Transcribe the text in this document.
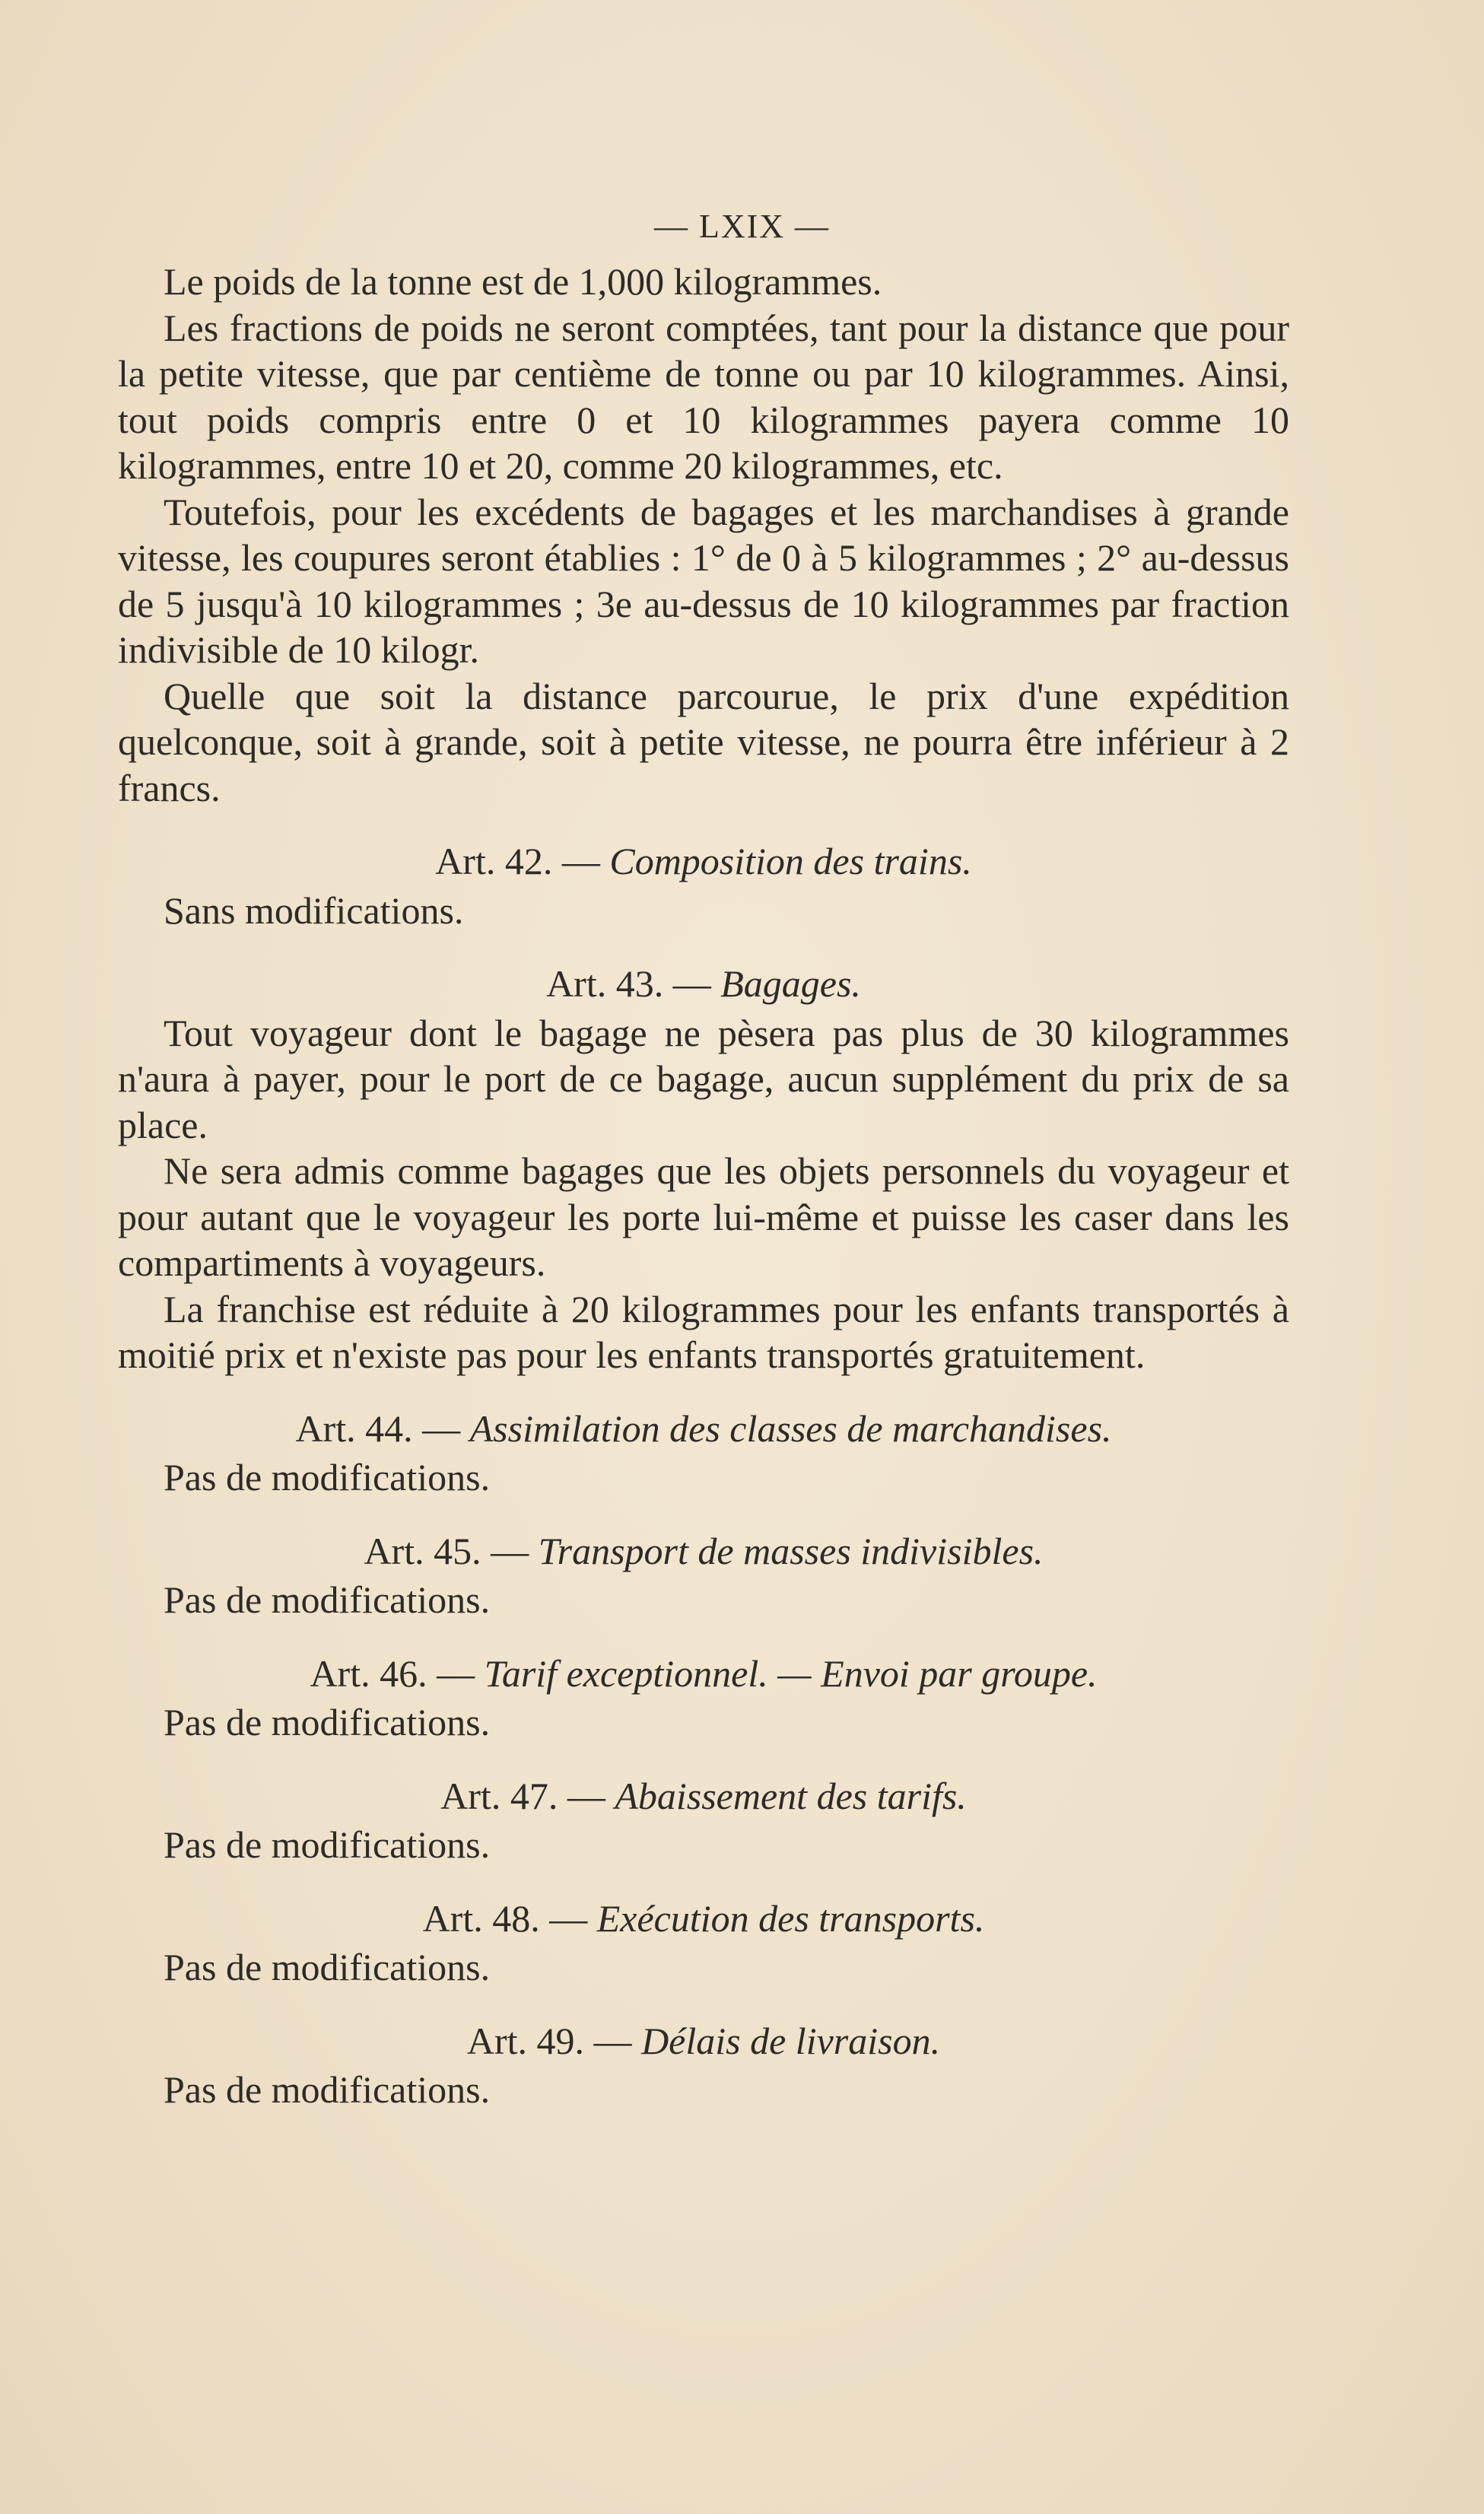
— LXIX —

Le poids de la tonne est de 1,000 kilogrammes.

Les fractions de poids ne seront comptées, tant pour la distance que pour la petite vitesse, que par centième de tonne ou par 10 kilogrammes. Ainsi, tout poids compris entre 0 et 10 kilogrammes payera comme 10 kilogrammes, entre 10 et 20, comme 20 kilogrammes, etc.

Toutefois, pour les excédents de bagages et les marchandises à grande vitesse, les coupures seront établies : 1° de 0 à 5 kilogrammes ; 2° au-dessus de 5 jusqu'à 10 kilogrammes ; 3e au-dessus de 10 kilogrammes par fraction indivisible de 10 kilogr.

Quelle que soit la distance parcourue, le prix d'une expédition quelconque, soit à grande, soit à petite vitesse, ne pourra être inférieur à 2 francs.

Art. 42. — Composition des trains.

Sans modifications.

Art. 43. — Bagages.

Tout voyageur dont le bagage ne pèsera pas plus de 30 kilogrammes n'aura à payer, pour le port de ce bagage, aucun supplément du prix de sa place.

Ne sera admis comme bagages que les objets personnels du voyageur et pour autant que le voyageur les porte lui-même et puisse les caser dans les compartiments à voyageurs.

La franchise est réduite à 20 kilogrammes pour les enfants transportés à moitié prix et n'existe pas pour les enfants transportés gratuitement.

Art. 44. — Assimilation des classes de marchandises.

Pas de modifications.

Art. 45. — Transport de masses indivisibles.

Pas de modifications.

Art. 46. — Tarif exceptionnel. — Envoi par groupe.

Pas de modifications.

Art. 47. — Abaissement des tarifs.

Pas de modifications.

Art. 48. — Exécution des transports.

Pas de modifications.

Art. 49. — Délais de livraison.

Pas de modifications.
